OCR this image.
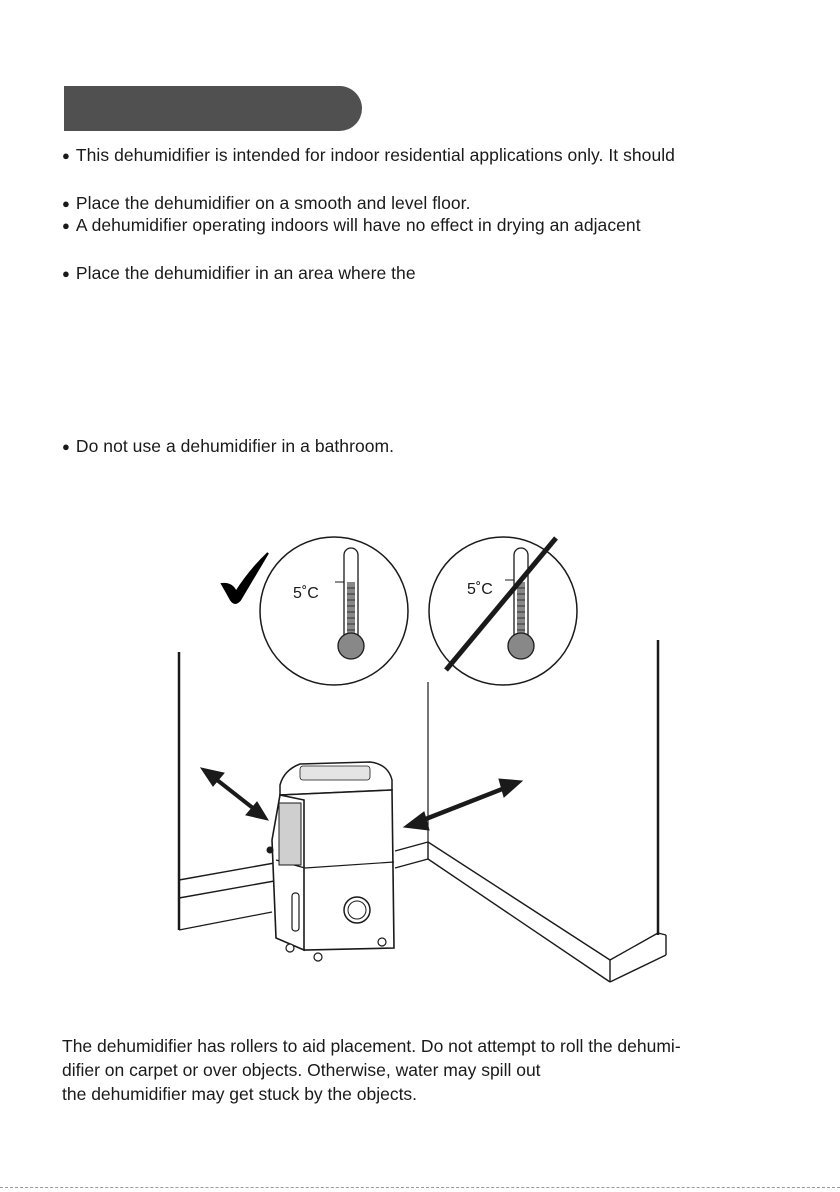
● This dehumidifier is intended for indoor residential applications only. It should
● Place the dehumidifier on a smooth and level floor.
● A dehumidifier operating indoors will have no effect in drying an adjacent
● Place the dehumidifier in an area where the
● Do not use a dehumidifier in a bathroom.
5˚C	5˚C
The dehumidifier has rollers to aid placement. Do not attempt to roll the dehumi-
difier on carpet or over objects. Otherwise, water may spill out
the dehumidifier may get stuck by the objects.
